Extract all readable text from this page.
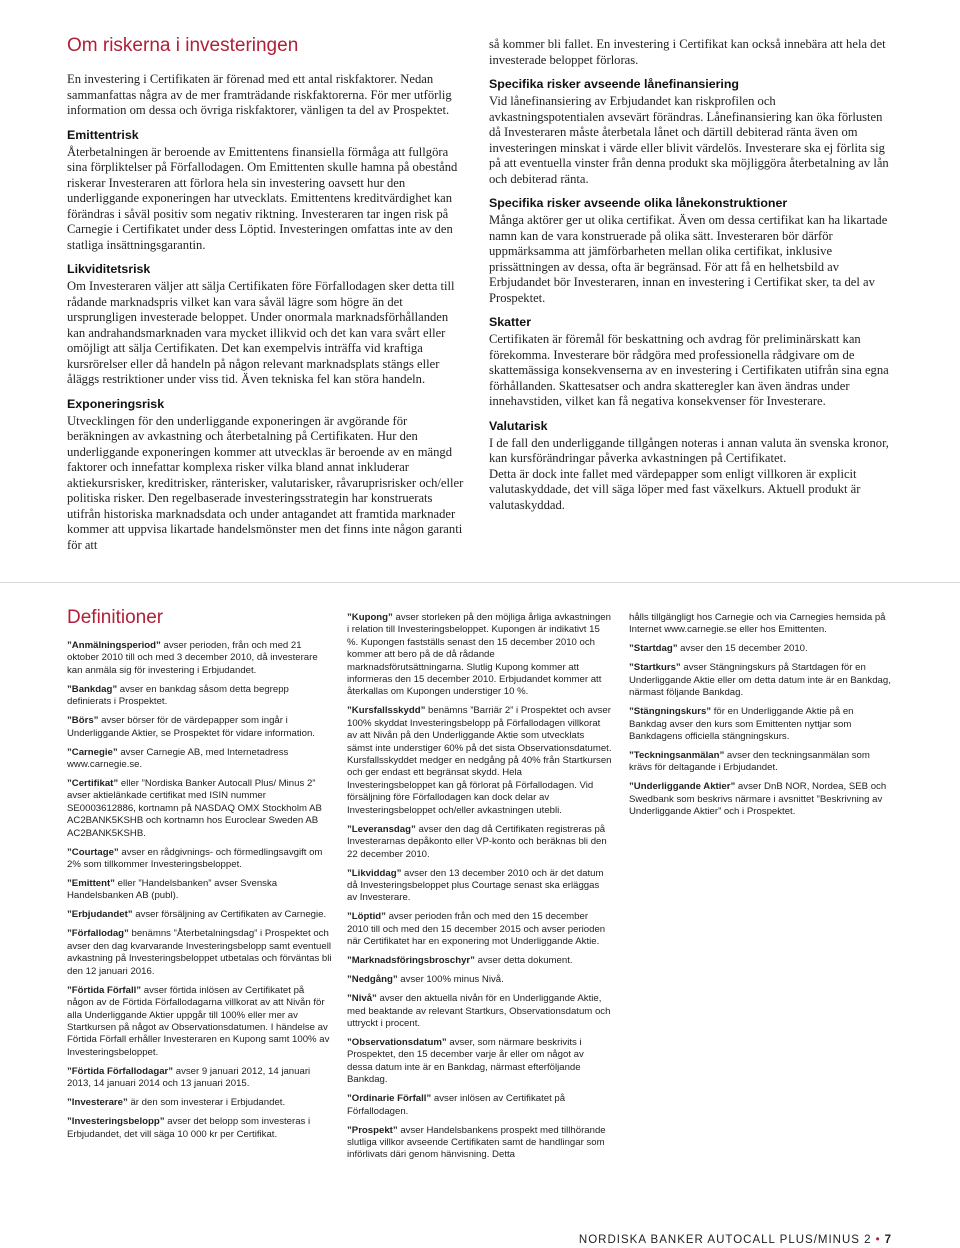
Om riskerna i investeringen

En investering i Certifikaten är förenad med ett antal riskfaktorer. Nedan sammanfattas några av de mer framträdande riskfaktorerna. För mer utförlig information om dessa och övriga riskfaktorer, vänligen ta del av Prospektet.

Emittentrisk

Återbetalningen är beroende av Emittentens finansiella förmåga att fullgöra sina förpliktelser på Förfallodagen. Om Emittenten skulle hamna på obestånd riskerar Investeraren att förlora hela sin investering oavsett hur den underliggande exponeringen har utvecklats. Emittentens kreditvärdighet kan förändras i såväl positiv som negativ riktning. Investeraren tar ingen risk på Carnegie i Certifikatet under dess Löptid. Investeringen omfattas inte av den statliga insättningsgarantin.

Likviditetsrisk

Om Investeraren väljer att sälja Certifikaten före Förfallodagen sker detta till rådande marknadspris vilket kan vara såväl lägre som högre än det ursprungligen investerade beloppet. Under onormala marknadsförhållanden kan andrahandsmarknaden vara mycket illikvid och det kan vara svårt eller omöjligt att sälja Certifikaten. Det kan exempelvis inträffa vid kraftiga kursrörelser eller då handeln på någon relevant marknadsplats stängs eller åläggs restriktioner under viss tid. Även tekniska fel kan störa handeln.

Exponeringsrisk

Utvecklingen för den underliggande exponeringen är avgörande för beräkningen av avkastning och återbetalning på Certifikaten. Hur den underliggande exponeringen kommer att utvecklas är beroende av en mängd faktorer och innefattar komplexa risker vilka bland annat inkluderar aktiekursrisker, kreditrisker, ränterisker, valutarisker, råvaruprisrisker och/eller politiska risker. Den regelbaserade investeringsstrategin har konstruerats utifrån historiska marknadsdata och under antagandet att framtida marknader kommer att uppvisa likartade handelsmönster men det finns inte någon garanti för att

så kommer bli fallet. En investering i Certifikat kan också innebära att hela det investerade beloppet förloras.

Specifika risker avseende lånefinansiering

Vid lånefinansiering av Erbjudandet kan riskprofilen och avkastningspotentialen avsevärt förändras. Lånefinansiering kan öka förlusten då Investeraren måste återbetala lånet och därtill debiterad ränta även om investeringen minskat i värde eller blivit värdelös. Investerare ska ej förlita sig på att eventuella vinster från denna produkt ska möjliggöra återbetalning av lån och debiterad ränta.

Specifika risker avseende olika lånekonstruktioner

Många aktörer ger ut olika certifikat. Även om dessa certifikat kan ha likartade namn kan de vara konstruerade på olika sätt. Investeraren bör därför uppmärksamma att jämförbarheten mellan olika certifikat, inklusive prissättningen av dessa, ofta är begränsad. För att få en helhetsbild av Erbjudandet bör Investeraren, innan en investering i Certifikat sker, ta del av Prospektet.

Skatter

Certifikaten är föremål för beskattning och avdrag för preliminärskatt kan förekomma. Investerare bör rådgöra med professionella rådgivare om de skattemässiga konsekvenserna av en investering i Certifikaten utifrån sina egna förhållanden. Skattesatser och andra skatteregler kan även ändras under innehavstiden, vilket kan få negativa konsekvenser för Investerare.

Valutarisk

I de fall den underliggande tillgången noteras i annan valuta än svenska kronor, kan kursförändringar påverka avkastningen på Certifikatet.

Detta är dock inte fallet med värdepapper som enligt villkoren är explicit valutaskyddade, det vill säga löper med fast växelkurs. Aktuell produkt är valutaskyddad.

Definitioner

”Anmälningsperiod” avser perioden, från och med 21 oktober 2010 till och med 3 december 2010, då investerare kan anmäla sig för investering i Erbjudandet.

”Bankdag” avser en bankdag såsom detta begrepp definierats i Prospektet.

”Börs” avser börser för de värdepapper som ingår i Underliggande Aktier, se Prospektet för vidare information.

”Carnegie” avser Carnegie AB, med Internetadress www.carnegie.se.

”Certifikat” eller ”Nordiska Banker Autocall Plus/ Minus 2” avser aktielänkade certifikat med ISIN nummer SE0003612886, kortnamn på NASDAQ OMX Stockholm AB AC2BANK5KSHB och kortnamn hos Euroclear Sweden AB AC2BANK5KSHB.

”Courtage” avser en rådgivnings- och förmedlingsavgift om 2% som tillkommer Investeringsbeloppet.

”Emittent” eller ”Handelsbanken” avser Svenska Handelsbanken AB (publ).

”Erbjudandet” avser försäljning av Certifikaten av Carnegie.

”Förfallodag” benämns ”Återbetalningsdag” i Prospektet och avser den dag kvarvarande Investeringsbelopp samt eventuell avkastning på Investeringsbeloppet utbetalas och förväntas bli den 12 januari 2016.

”Förtida Förfall” avser förtida inlösen av Certifikatet på någon av de Förtida Förfallodagarna villkorat av att Nivån för alla Underliggande Aktier uppgår till 100% eller mer av Startkursen på något av Observationsdatumen. I händelse av Förtida Förfall erhåller Investeraren en Kupong samt 100% av Investeringsbeloppet.

”Förtida Förfallodagar” avser 9 januari 2012, 14 januari 2013, 14 januari 2014 och 13 januari 2015.

”Investerare” är den som investerar i Erbjudandet.

”Investeringsbelopp” avser det belopp som investeras i Erbjudandet, det vill säga 10 000 kr per Certifikat.

”Kupong” avser storleken på den möjliga årliga avkastningen i relation till Investeringsbeloppet. Kupongen är indikativt 15 %. Kupongen fastställs senast den 15 december 2010 och kommer att bero på de då rådande marknadsförutsättningarna. Slutlig Kupong kommer att informeras den 15 december 2010. Erbjudandet kommer att återkallas om Kupongen understiger 10 %.

”Kursfallsskydd” benämns ”Barriär 2” i Prospektet och avser 100% skyddat Investeringsbelopp på Förfallodagen villkorat av att Nivån på den Underliggande Aktie som utvecklats sämst inte understiger 60% på det sista Observationsdatumet. Kursfallsskyddet medger en nedgång på 40% från Startkursen och ger endast ett begränsat skydd. Hela Investeringsbeloppet kan gå förlorat på Förfallodagen. Vid försäljning före Förfallodagen kan dock delar av Investeringsbeloppet och/eller avkastningen utebli.

”Leveransdag” avser den dag då Certifikaten registreras på Investerarnas depåkonto eller VP-konto och beräknas bli den 22 december 2010.

”Likviddag” avser den 13 december 2010 och är det datum då Investeringsbeloppet plus Courtage senast ska erläggas av Investerare.

”Löptid” avser perioden från och med den 15 december 2010 till och med den 15 december 2015 och avser perioden när Certifikatet har en exponering mot Underliggande Aktie.

”Marknadsföringsbroschyr” avser detta dokument.

”Nedgång” avser 100% minus Nivå.

”Nivå” avser den aktuella nivån för en Underliggande Aktie, med beaktande av relevant Startkurs, Observationsdatum och uttryckt i procent.

”Observationsdatum” avser, som närmare beskrivits i Prospektet, den 15 december varje år eller om något av dessa datum inte är en Bankdag, närmast efterföljande Bankdag.

”Ordinarie Förfall” avser inlösen av Certifikatet på Förfallodagen.

”Prospekt” avser Handelsbankens prospekt med tillhörande slutliga villkor avseende Certifikaten samt de handlingar som införlivats däri genom hänvisning. Detta

hålls tillgängligt hos Carnegie och via Carnegies hemsida på Internet www.carnegie.se eller hos Emittenten.

”Startdag” avser den 15 december 2010.

”Startkurs” avser Stängningskurs på Startdagen för en Underliggande Aktie eller om detta datum inte är en Bankdag, närmast följande Bankdag.

”Stängningskurs” för en Underliggande Aktie på en Bankdag avser den kurs som Emittenten nyttjar som Bankdagens officiella stängningskurs.

”Teckningsanmälan” avser den teckningsanmälan som krävs för deltagande i Erbjudandet.

”Underliggande Aktier” avser DnB NOR, Nordea, SEB och Swedbank som beskrivs närmare i avsnittet ”Beskrivning av Underliggande Aktier” och i Prospektet.

NORDISKA BANKER AUTOCALL PLUS/MINUS 2 • 7
